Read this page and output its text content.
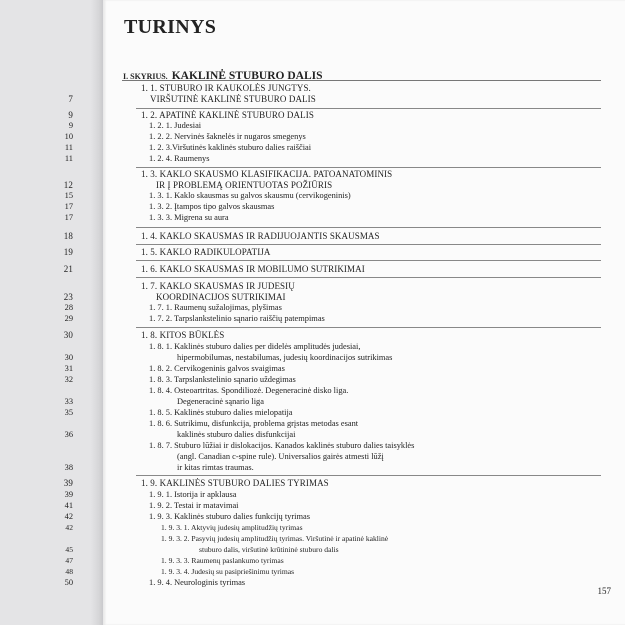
TURINYS
I. SKYRIUS. KAKLINĖ STUBURO DALIS
1. 1. STUBURO IR KAUKOLĖS JUNGTYS.
VIRŠUTINĖ KAKLINĖ STUBURO DALIS
7
1. 2. APATINĖ KAKLINĖ STUBURO DALIS
9
1. 2. 1. Judesiai
9
1. 2. 2. Nervinės šaknelės ir nugaros smegenys
10
1. 2. 3.Viršutinės kaklinės stuburo dalies raiščiai
11
1. 2. 4. Raumenys
11
1. 3. KAKLO SKAUSMO KLASIFIKACIJA. PATOANATOMINIS
IR Į PROBLEMĄ ORIENTUOTAS POŽIŪRIS
12
1. 3. 1. Kaklo skausmas su galvos skausmu (cervikogeninis)
15
1. 3. 2. Įtampos tipo galvos skausmas
17
1. 3. 3. Migrena su aura
17
1. 4. KAKLO SKAUSMAS IR RADIJUOJANTIS SKAUSMAS
18
1. 5. KAKLO RADIKULOPATIJA
19
1. 6. KAKLO SKAUSMAS IR MOBILUMO SUTRIKIMAI
21
1. 7. KAKLO SKAUSMAS IR JUDESIŲ
KOORDINACIJOS SUTRIKIMAI
23
1. 7. 1. Raumenų sužalojimas, plyšimas
28
1. 7. 2. Tarpslankstelinio sąnario raiščių patempimas
29
1. 8. KITOS BŪKLĖS
30
1. 8. 1. Kaklinės stuburo dalies per didelės amplitudės judesiai,
hipermobilumas, nestabilumas, judesių koordinacijos sutrikimas
30
1. 8. 2. Cervikogeninis galvos svaigimas
31
1. 8. 3. Tarpslankstelinio sąnario uždegimas
32
1. 8. 4. Osteoartritas. Spondiliozė. Degeneracinė disko liga.
Degeneracinė sąnario liga
33
1. 8. 5. Kaklinės stuburo dalies mielopatija
35
1. 8. 6. Sutrikimu, disfunkcija, problema grįstas metodas esant
kaklinės stuburo dalies disfunkcijai
36
1. 8. 7. Stuburo lūžiai ir dislokacijos. Kanados kaklinės stuburo dalies taisyklės
(angl. Canadian c-spine rule). Universalios gairės atmesti lūžį
ir kitas rimtas traumas.
38
1. 9. KAKLINĖS STUBURO DALIES TYRIMAS
39
1. 9. 1. Istorija ir apklausa
39
1. 9. 2. Testai ir matavimai
41
1. 9. 3. Kaklinės stuburo dalies funkcijų tyrimas
42
1. 9. 3. 1. Aktyvių judesių amplitudžių tyrimas
42
1. 9. 3. 2. Pasyvių judesių amplitudžių tyrimas. Viršutinė ir apatinė kaklinė
stuburo dalis, viršutinė krūtininė stuburo dalis
45
1. 9. 3. 3. Raumenų paslankumo tyrimas
47
1. 9. 3. 4. Judesių su pasipriešinimu tyrimas
48
1. 9. 4. Neurologinis tyrimas
50
157
